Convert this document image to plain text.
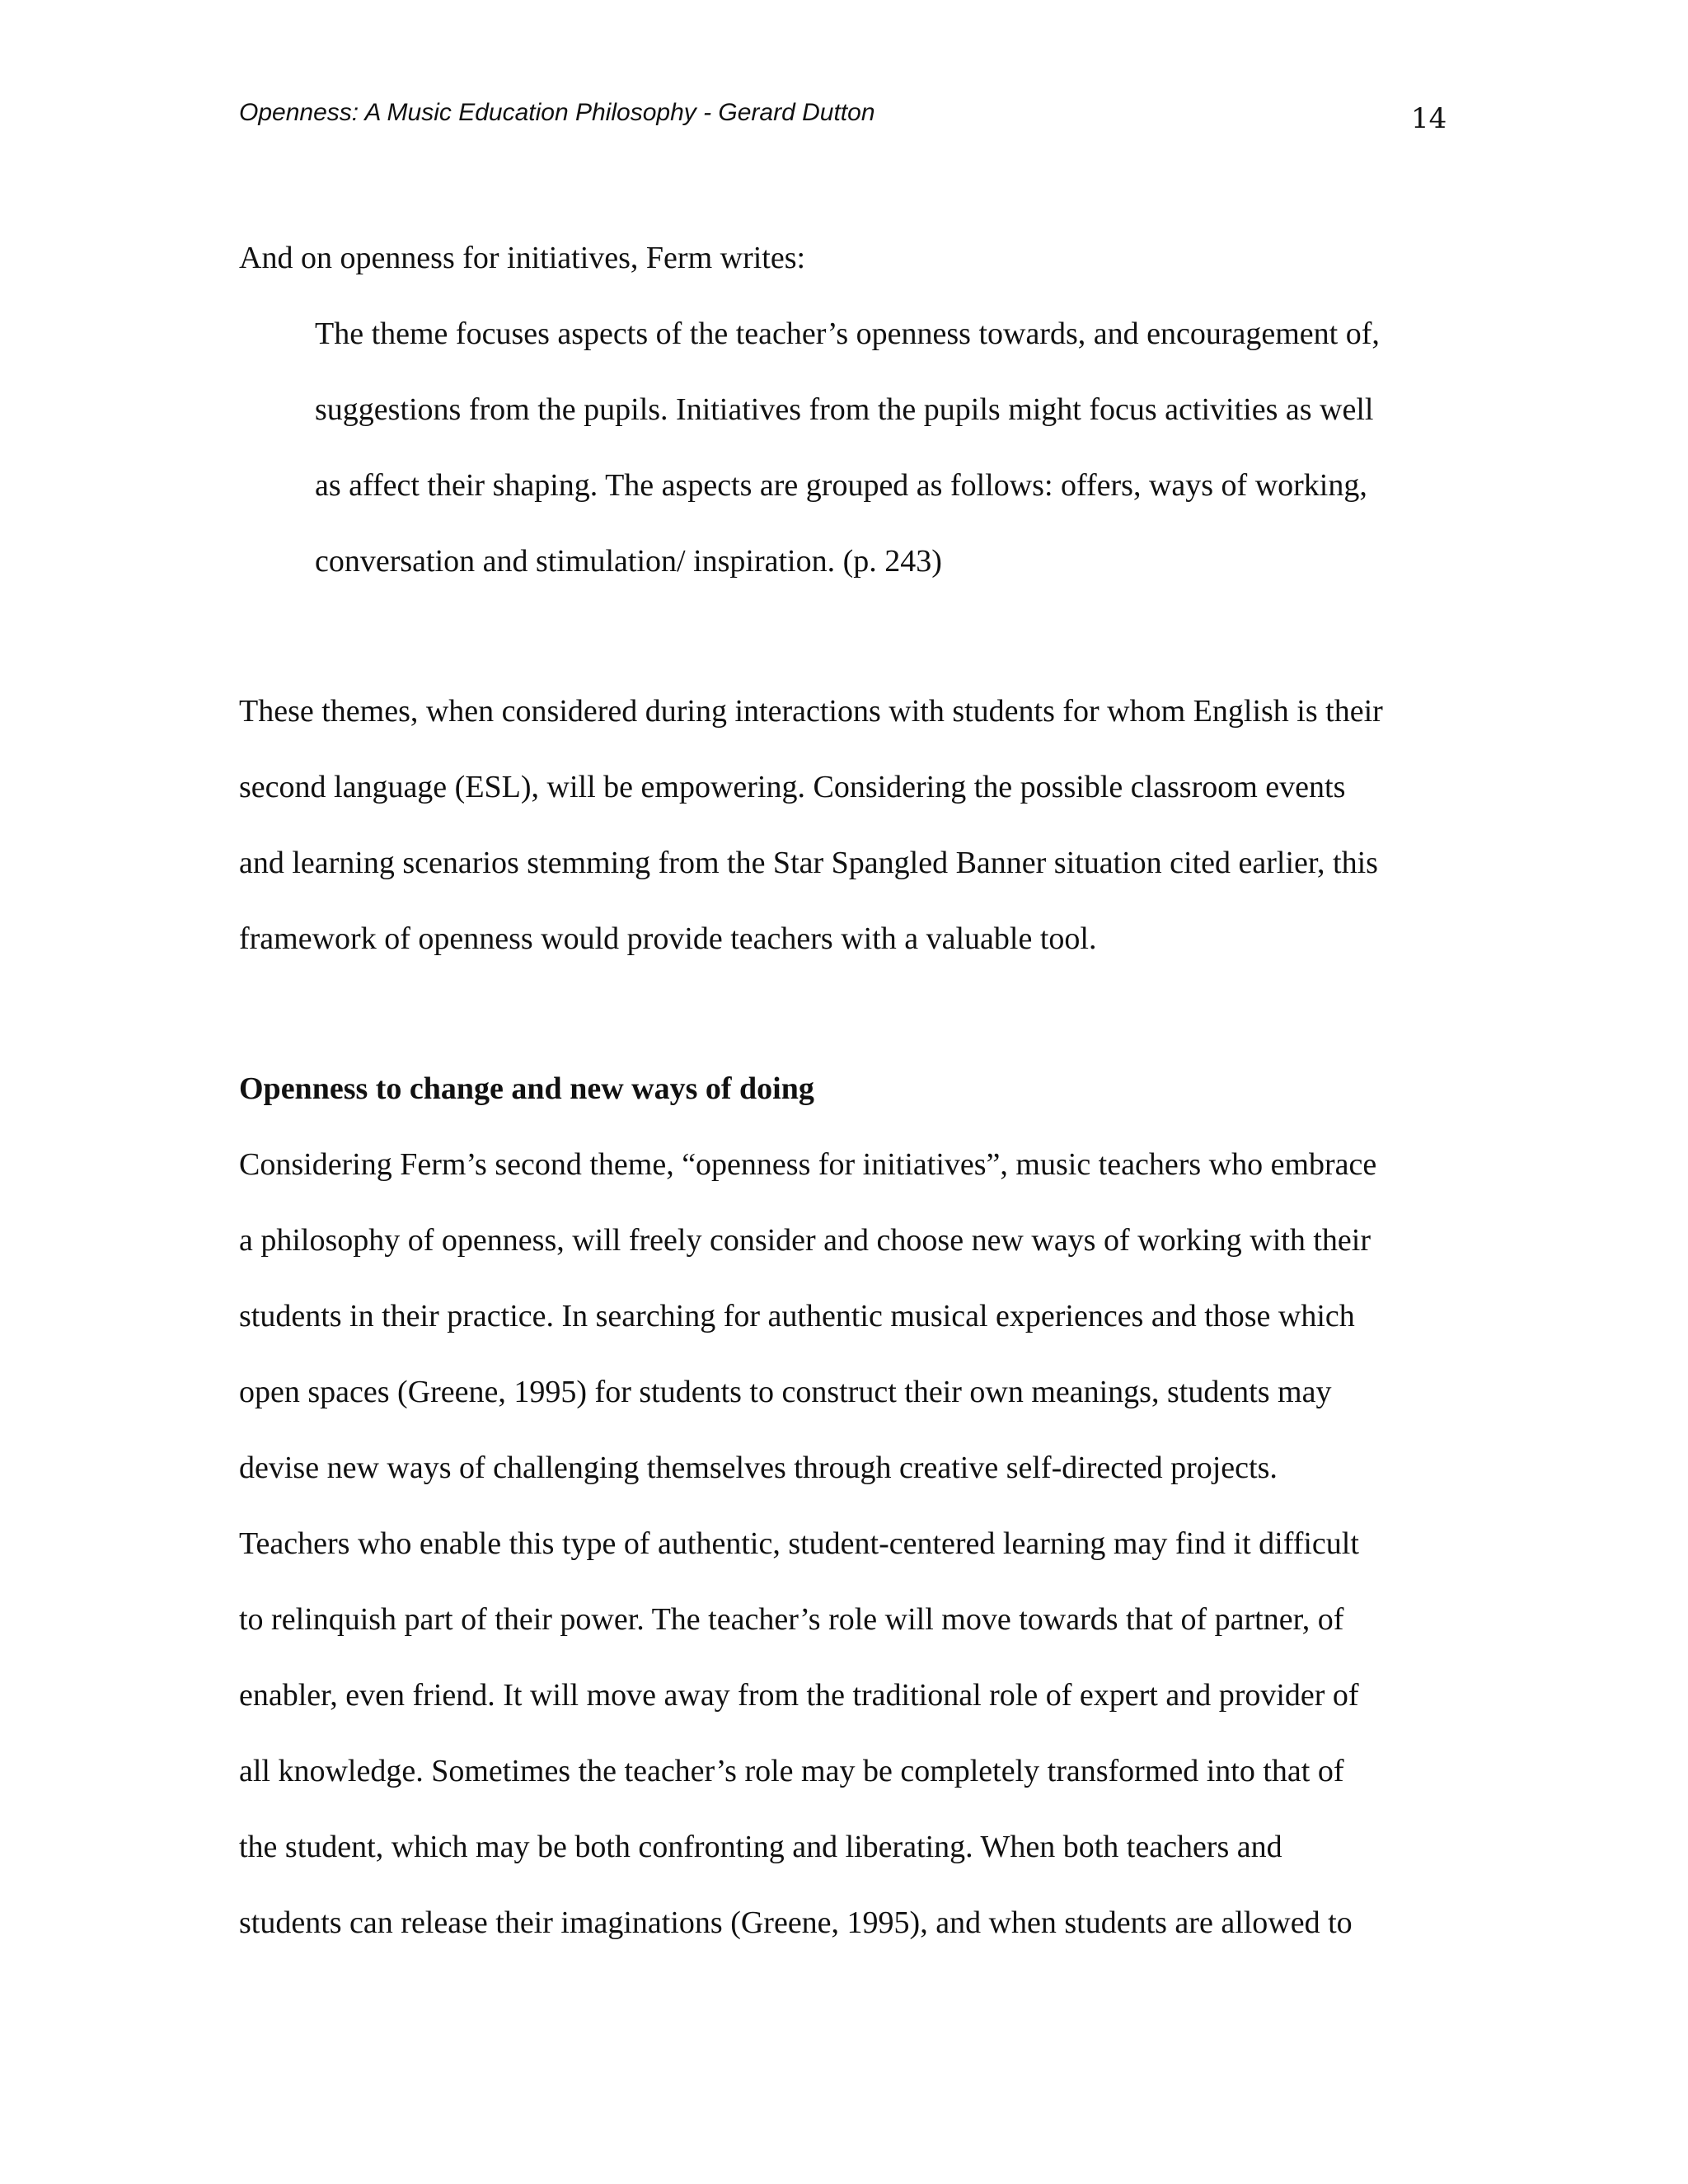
Openness: A Music Education Philosophy - Gerard Dutton	14
And on openness for initiatives, Ferm writes:
The theme focuses aspects of the teacher’s openness towards, and encouragement of,
suggestions from the pupils. Initiatives from the pupils might focus activities as well
as affect their shaping. The aspects are grouped as follows: offers, ways of working,
conversation and stimulation/ inspiration. (p. 243)
These themes, when considered during interactions with students for whom English is their
second language (ESL), will be empowering. Considering the possible classroom events
and learning scenarios stemming from the Star Spangled Banner situation cited earlier, this
framework of openness would provide teachers with a valuable tool.
Openness to change and new ways of doing
Considering Ferm’s second theme, “openness for initiatives”, music teachers who embrace
a philosophy of openness, will freely consider and choose new ways of working with their
students in their practice. In searching for authentic musical experiences and those which
open spaces (Greene, 1995) for students to construct their own meanings, students may
devise new ways of challenging themselves through creative self-directed projects.
Teachers who enable this type of authentic, student-centered learning may find it difficult
to relinquish part of their power. The teacher’s role will move towards that of partner, of
enabler, even friend. It will move away from the traditional role of expert and provider of
all knowledge. Sometimes the teacher’s role may be completely transformed into that of
the student, which may be both confronting and liberating. When both teachers and
students can release their imaginations (Greene, 1995), and when students are allowed to
